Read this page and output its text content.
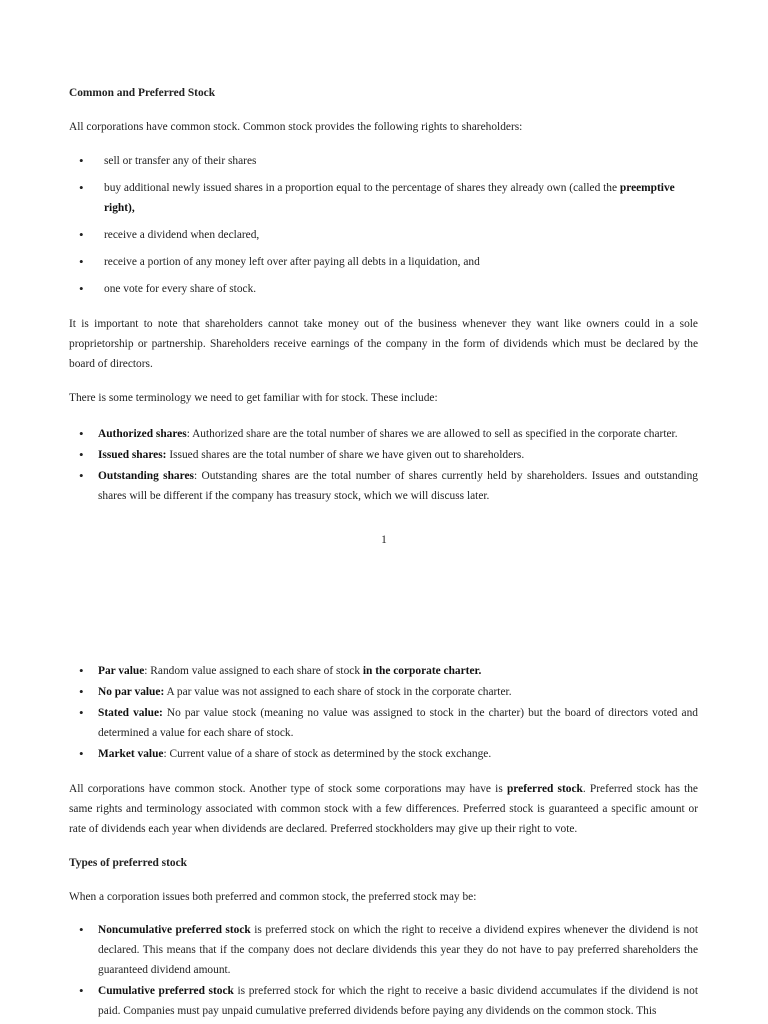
Common and Preferred Stock
All corporations have common stock. Common stock provides the following rights to shareholders:
• sell or transfer any of their shares
• buy additional newly issued shares in a proportion equal to the percentage of shares they already own (called the preemptive right),
• receive a dividend when declared,
• receive a portion of any money left over after paying all debts in a liquidation, and
• one vote for every share of stock.
It is important to note that shareholders cannot take money out of the business whenever they want like owners could in a sole proprietorship or partnership. Shareholders receive earnings of the company in the form of dividends which must be declared by the board of directors.
There is some terminology we need to get familiar with for stock. These include:
• Authorized shares: Authorized share are the total number of shares we are allowed to sell as specified in the corporate charter.
• Issued shares: Issued shares are the total number of share we have given out to shareholders.
• Outstanding shares: Outstanding shares are the total number of shares currently held by shareholders. Issues and outstanding shares will be different if the company has treasury stock, which we will discuss later.
1
• Par value: Random value assigned to each share of stock in the corporate charter.
• No par value: A par value was not assigned to each share of stock in the corporate charter.
• Stated value: No par value stock (meaning no value was assigned to stock in the charter) but the board of directors voted and determined a value for each share of stock.
• Market value: Current value of a share of stock as determined by the stock exchange.
All corporations have common stock. Another type of stock some corporations may have is preferred stock. Preferred stock has the same rights and terminology associated with common stock with a few differences. Preferred stock is guaranteed a specific amount or rate of dividends each year when dividends are declared. Preferred stockholders may give up their right to vote.
Types of preferred stock
When a corporation issues both preferred and common stock, the preferred stock may be:
• Noncumulative preferred stock is preferred stock on which the right to receive a dividend expires whenever the dividend is not declared. This means that if the company does not declare dividends this year they do not have to pay preferred shareholders the guaranteed dividend amount.
• Cumulative preferred stock is preferred stock for which the right to receive a basic dividend accumulates if the dividend is not paid. Companies must pay unpaid cumulative preferred dividends before paying any dividends on the common stock. This
